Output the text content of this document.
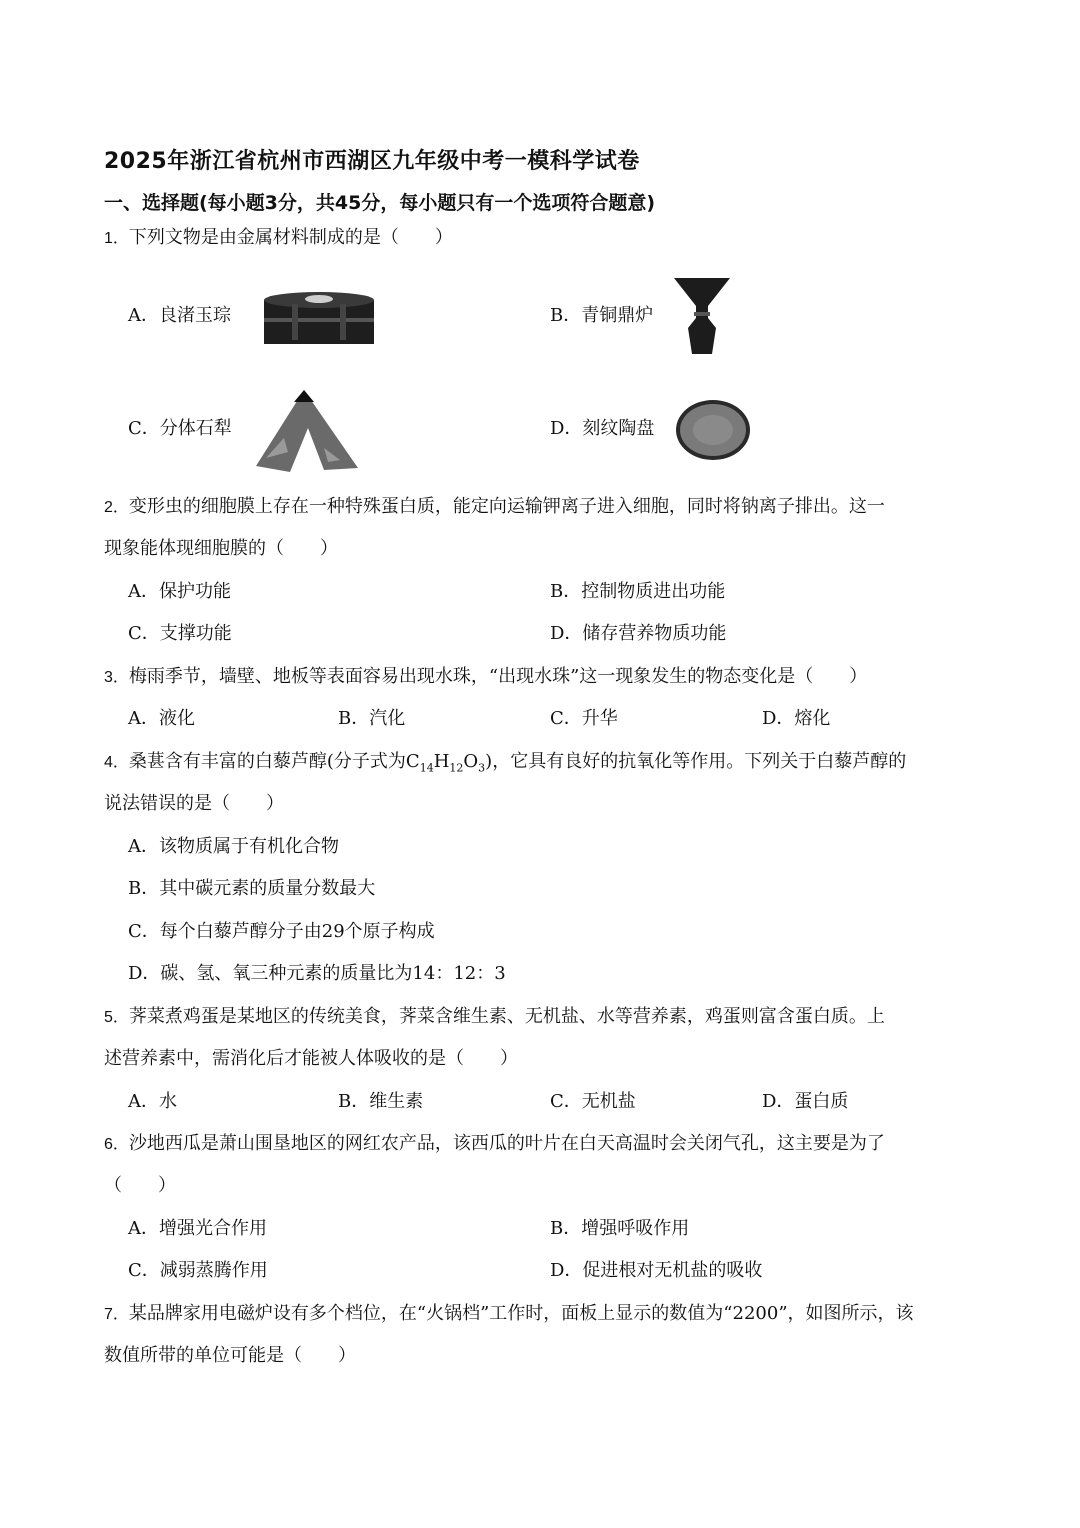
2025年浙江省杭州市西湖区九年级中考一模科学试卷
一、选择题(每小题3分，共45分，每小题只有一个选项符合题意)
1．下列文物是由金属材料制成的是（　　）
A．良渚玉琮	B．青铜鼎炉
C．分体石犁	D．刻纹陶盘
2．变形虫的细胞膜上存在一种特殊蛋白质，能定向运输钾离子进入细胞，同时将钠离子排出。这一
现象能体现细胞膜的（　　）
A．保护功能	B．控制物质进出功能
C．支撑功能	D．储存营养物质功能
3．梅雨季节，墙壁、地板等表面容易出现水珠，“出现水珠”这一现象发生的物态变化是（　　）
A．液化	B．汽化	C．升华	D．熔化
4．桑葚含有丰富的白藜芦醇(分子式为$C_{14}H_{12}O_3$)，它具有良好的抗氧化等作用。下列关于白藜芦醇的
说法错误的是（　　）
A．该物质属于有机化合物
B．其中碳元素的质量分数最大
C．每个白藜芦醇分子由29个原子构成
D．碳、氢、氧三种元素的质量比为14：12：3
5．荠菜煮鸡蛋是某地区的传统美食，荠菜含维生素、无机盐、水等营养素，鸡蛋则富含蛋白质。上
述营养素中，需消化后才能被人体吸收的是（　　）
A．水	B．维生素	C．无机盐	D．蛋白质
6．沙地西瓜是萧山围垦地区的网红农产品，该西瓜的叶片在白天高温时会关闭气孔，这主要是为了
（　　）
A．增强光合作用	B．增强呼吸作用
C．减弱蒸腾作用	D．促进根对无机盐的吸收
7．某品牌家用电磁炉设有多个档位，在“火锅档”工作时，面板上显示的数值为“2200”，如图所示，该
数值所带的单位可能是（　　）
